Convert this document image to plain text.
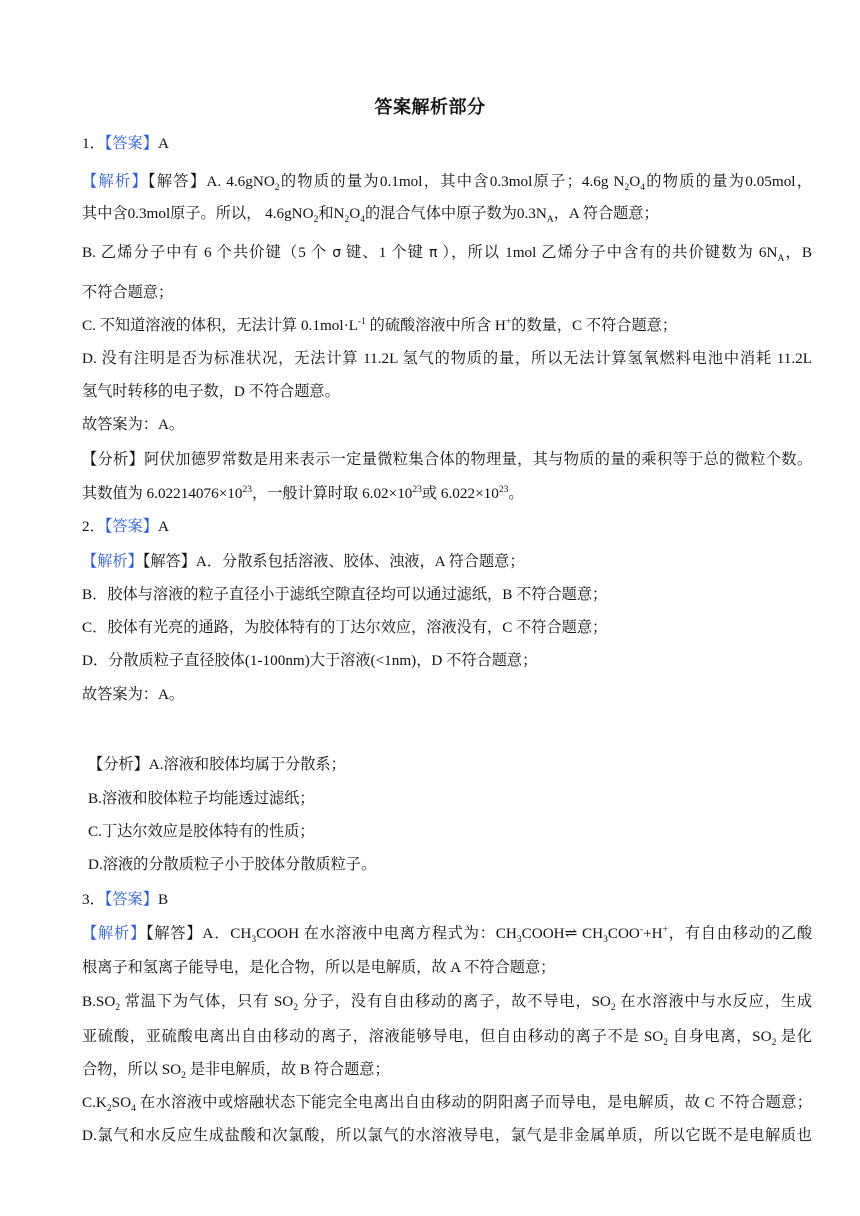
答案解析部分
1．【答案】A
【解析】【解答】A. 4.6gNO$_2$的物质的量为0.1mol，其中含0.3mol原子；4.6g $N_2O_4$的物质的量为0.05mol，
其中含0.3mol原子。所以， 4.6gNO$_2$和$N_2O_4$的混合气体中原子数为$0.3N_A$，A 符合题意；
B. 乙烯分子中有 6 个共价键（5 个 σ 键、1 个键 π ），所以 1mol 乙烯分子中含有的共价键数为 $6N_A$，B
不符合题意；
C. 不知道溶液的体积，无法计算 $0.1mol\cdot L^{-1}$ 的硫酸溶液中所含 H+的数量，C 不符合题意；
D. 没有注明是否为标准状况，无法计算 11.2L 氢气的物质的量，所以无法计算氢氧燃料电池中消耗 11.2L
氢气时转移的电子数，D 不符合题意。
故答案为：A。
【分析】阿伏加德罗常数是用来表示一定量微粒集合体的物理量，其与物质的量的乘积等于总的微粒个数。
其数值为 $6.02214076\times 10^{23}$，一般计算时取 $6.02\times 10^{23}$或 $6.022\times 10^{23}$。
2．【答案】A
【解析】【解答】A．分散系包括溶液、胶体、浊液，A 符合题意；
B．胶体与溶液的粒子直径小于滤纸空隙直径均可以通过滤纸，B 不符合题意；
C．胶体有光亮的通路，为胶体特有的丁达尔效应，溶液没有，C 不符合题意；
D．分散质粒子直径胶体(1-100nm)大于溶液(<1nm)，D 不符合题意；
故答案为：A。
【分析】A.溶液和胶体均属于分散系；
B.溶液和胶体粒子均能透过滤纸；
C.丁达尔效应是胶体特有的性质；
D.溶液的分散质粒子小于胶体分散质粒子。
3．【答案】B
【解析】【解答】A．$CH_3COOH$ 在水溶液中电离方程式为：$CH_3COOH\rightleftharpoons$ $CH_3COO^-+H^+$，有自由移动的乙酸
根离子和氢离子能导电，是化合物，所以是电解质，故 A 不符合题意；
$B.SO_2$ 常温下为气体，只有 $SO_2$ 分子，没有自由移动的离子，故不导电，$SO_2$ 在水溶液中与水反应，生成
亚硫酸，亚硫酸电离出自由移动的离子，溶液能够导电，但自由移动的离子不是 $SO_2$ 自身电离，$SO_2$ 是化
合物，所以 $SO_2$ 是非电解质，故 B 符合题意；
$C.K_2SO_4$ 在水溶液中或熔融状态下能完全电离出自由移动的阴阳离子而导电，是电解质，故 C 不符合题意；
D.氯气和水反应生成盐酸和次氯酸，所以氯气的水溶液导电，氯气是非金属单质，所以它既不是电解质也
